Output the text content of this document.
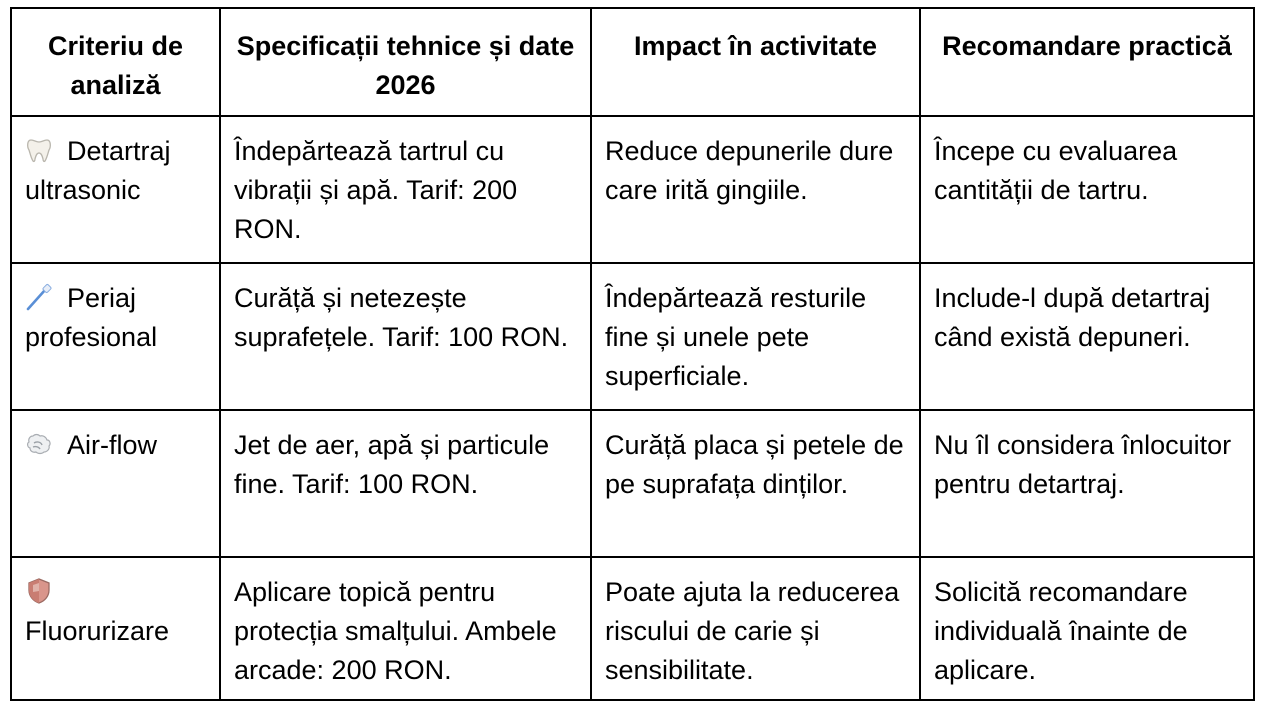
Criteriu de analiză	Specificații tehnice și date 2026	Impact în activitate	Recomandare practică

Detartraj ultrasonic	Îndepărtează tartrul cu vibrații și apă. Tarif: 200 RON.	Reduce depunerile dure care irită gingiile.	Începe cu evaluarea cantității de tartru.

Periaj profesional	Curăță și netezește suprafețele. Tarif: 100 RON.	Îndepărtează resturile fine și unele pete superficiale.	Include-l după detartraj când există depuneri.

Air-flow	Jet de aer, apă și particule fine. Tarif: 100 RON.	Curăță placa și petele de pe suprafața dinților.	Nu îl considera înlocuitor pentru detartraj.

Fluorurizare	Aplicare topică pentru protecția smalțului. Ambele arcade: 200 RON.	Poate ajuta la reducerea riscului de carie și sensibilitate.	Solicită recomandare individuală înainte de aplicare.
